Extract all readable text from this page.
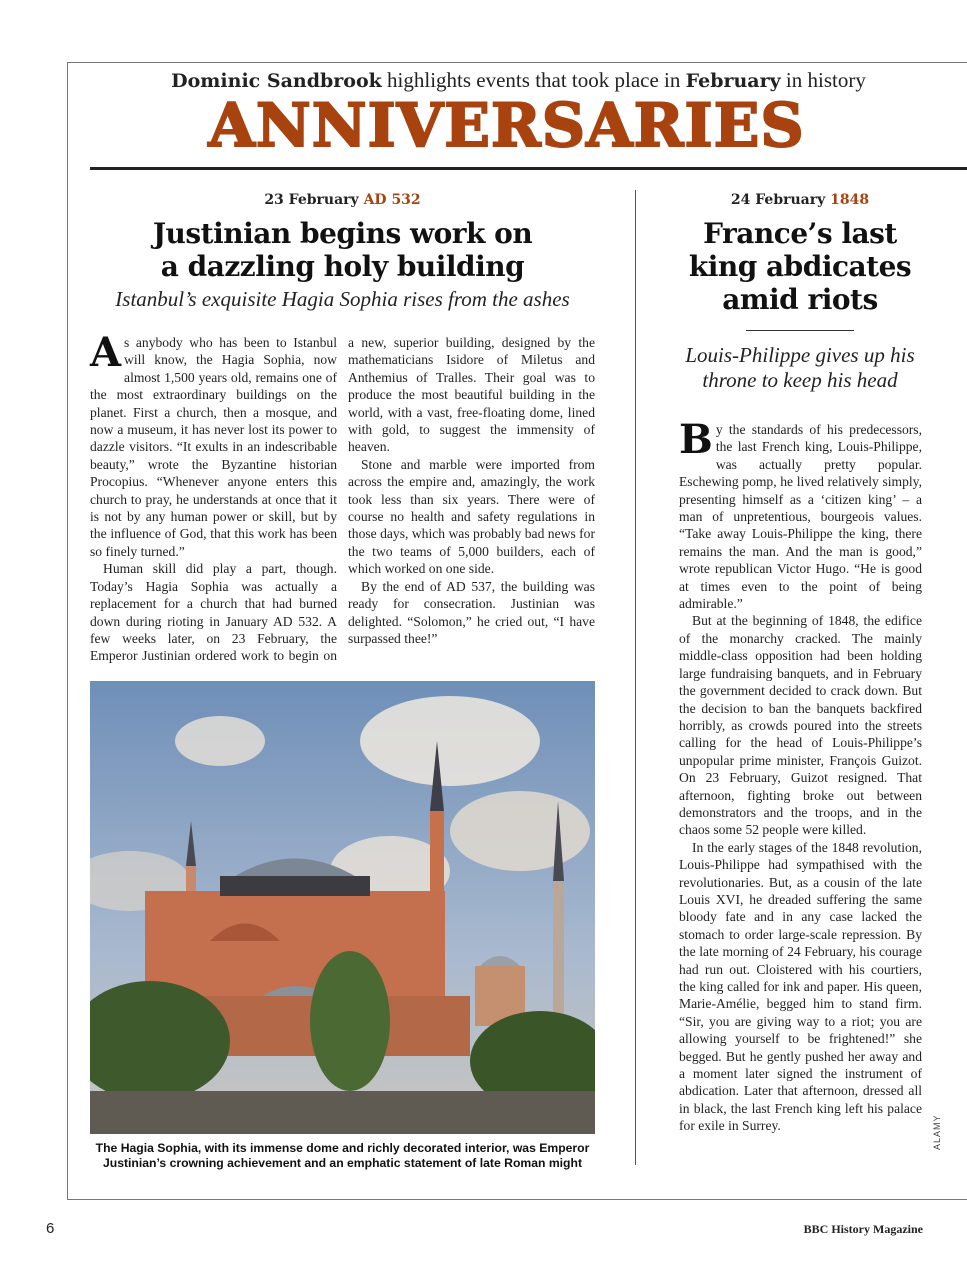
Dominic Sandbrook highlights events that took place in February in history
ANNIVERSARIES
23 February AD 532
Justinian begins work on
a dazzling holy building
Istanbul’s exquisite Hagia Sophia rises from the ashes

As anybody who has been to Istanbul will know, the Hagia Sophia, now almost 1,500 years old, remains one of the most extraordinary buildings on the planet. First a church, then a mosque, and now a museum, it has never lost its power to dazzle visitors. “It exults in an indescribable beauty,” wrote the Byzantine historian Procopius. “Whenever anyone enters this church to pray, he understands at once that it is not by any human power or skill, but by the influence of God, that this work has been so finely turned.”

Human skill did play a part, though. Today’s Hagia Sophia was actually a replacement for a church that had burned down during rioting in January AD 532. A few weeks later, on 23 February, the Emperor Justinian ordered work to begin on a new, superior building, designed by the mathematicians Isidore of Miletus and Anthemius of Tralles. Their goal was to produce the most beautiful building in the world, with a vast, free-floating dome, lined with gold, to suggest the immensity of heaven.

Stone and marble were imported from across the empire and, amazingly, the work took less than six years. There were of course no health and safety regulations in those days, which was probably bad news for the two teams of 5,000 builders, each of which worked on one side.

By the end of AD 537, the building was ready for consecration. Justinian was delighted. “Solomon,” he cried out, “I have surpassed thee!”

The Hagia Sophia, with its immense dome and richly decorated interior, was Emperor Justinian’s crowning achievement and an emphatic statement of late Roman might
24 February 1848
France’s last
king abdicates
amid riots
Louis-Philippe gives up his
throne to keep his head

By the standards of his predecessors, the last French king, Louis-Philippe, was actually pretty popular. Eschewing pomp, he lived relatively simply, presenting himself as a ‘citizen king’ – a man of unpretentious, bourgeois values. “Take away Louis-Philippe the king, there remains the man. And the man is good,” wrote republican Victor Hugo. “He is good at times even to the point of being admirable.”

But at the beginning of 1848, the edifice of the monarchy cracked. The mainly middle-class opposition had been holding large fundraising banquets, and in February the government decided to crack down. But the decision to ban the banquets backfired horribly, as crowds poured into the streets calling for the head of Louis-Philippe’s unpopular prime minister, François Guizot. On 23 February, Guizot resigned. That afternoon, fighting broke out between demonstrators and the troops, and in the chaos some 52 people were killed.

In the early stages of the 1848 revolution, Louis-Philippe had sympathised with the revolutionaries. But, as a cousin of the late Louis XVI, he dreaded suffering the same bloody fate and in any case lacked the stomach to order large-scale repression. By the late morning of 24 February, his courage had run out. Cloistered with his courtiers, the king called for ink and paper. His queen, Marie-Amélie, begged him to stand firm. “Sir, you are giving way to a riot; you are allowing yourself to be frightened!” she begged. But he gently pushed her away and a moment later signed the instrument of abdication. Later that afternoon, dressed all in black, the last French king left his palace for exile in Surrey.	ALAMY
6	BBC History Magazine
